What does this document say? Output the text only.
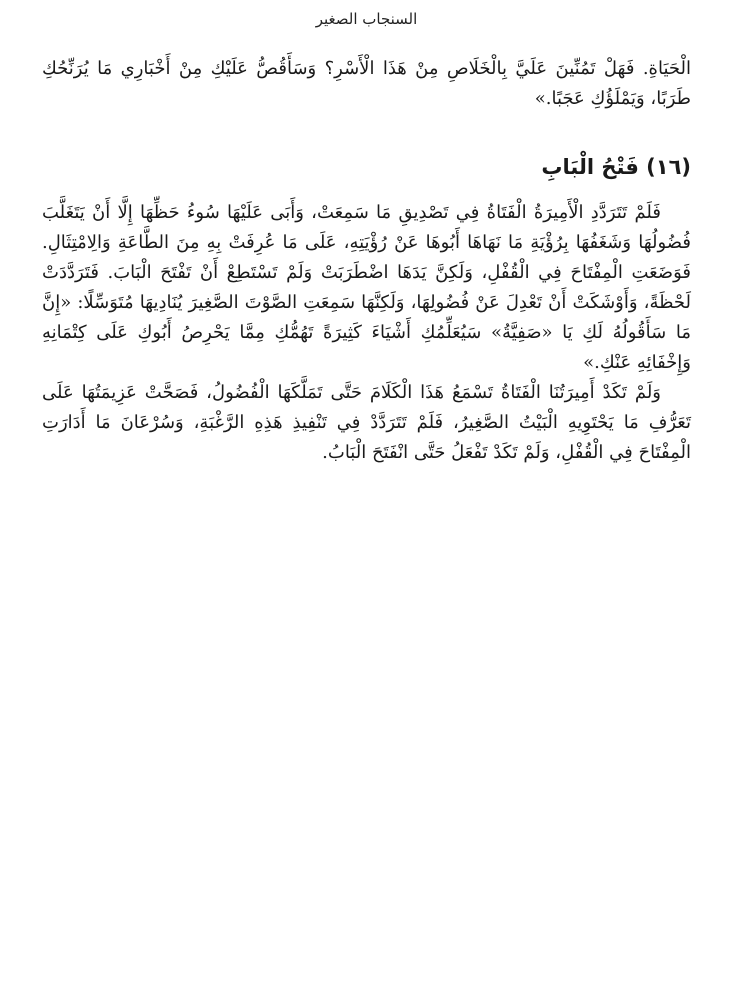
السنجاب الصغير

الْحَيَاةِ. فَهَلْ تَمُنِّينَ عَلَيَّ بِالْخَلَاصِ مِنْ هَذَا الْأَسْرِ؟ وَسَأَقُصُّ عَلَيْكِ مِنْ أَخْبَارِي مَا يُرَنِّحُكِ طَرَبًا، وَيَمْلَؤُكِ عَجَبًا.»

(١٦) فَتْحُ الْبَابِ

فَلَمْ تَتَرَدَّدِ الْأَمِيرَةُ الْفَتَاةُ فِي تَصْدِيقِ مَا سَمِعَتْ، وَأَبَى عَلَيْهَا سُوءُ حَظِّهَا إِلَّا أَنْ يَتَغَلَّبَ فُضُولُهَا وَشَغَفُهَا بِرُؤْيَةِ مَا نَهَاهَا أَبُوهَا عَنْ رُؤْيَتِهِ، عَلَى مَا عُرِفَتْ بِهِ مِنَ الطَّاعَةِ وَالِامْتِثَالِ. فَوَضَعَتِ الْمِفْتَاحَ فِي الْقُفْلِ، وَلَكِنَّ يَدَهَا اضْطَرَبَتْ وَلَمْ تَسْتَطِعْ أَنْ تَفْتَحَ الْبَابَ. فَتَرَدَّدَتْ لَحْظَةً، وَأَوْشَكَتْ أَنْ تَعْدِلَ عَنْ فُضُولِهَا، وَلَكِنَّهَا سَمِعَتِ الصَّوْتَ الصَّغِيرَ يُنَادِيهَا مُتَوَسِّلًا: «إِنَّ مَا سَأَقُولُهُ لَكِ يَا «صَفِيَّةُ» سَيُعَلِّمُكِ أَشْيَاءَ كَثِيرَةً تَهُمُّكِ مِمَّا يَحْرِصُ أَبُوكِ عَلَى كِتْمَانِهِ وَإِخْفَائِهِ عَنْكِ.»

وَلَمْ تَكَدْ أَمِيرَتُنَا الْفَتَاةُ تَسْمَعُ هَذَا الْكَلَامَ حَتَّى تَمَلَّكَهَا الْفُضُولُ، فَصَحَّتْ عَزِيمَتُهَا عَلَى تَعَرُّفِ مَا يَحْتَوِيهِ الْبَيْتُ الصَّغِيرُ، فَلَمْ تَتَرَدَّدْ فِي تَنْفِيذِ هَذِهِ الرَّغْبَةِ، وَسُرْعَانَ مَا أَدَارَتِ الْمِفْتَاحَ فِي الْقُفْلِ، وَلَمْ تَكَدْ تَفْعَلُ حَتَّى انْفَتَحَ الْبَابُ.
